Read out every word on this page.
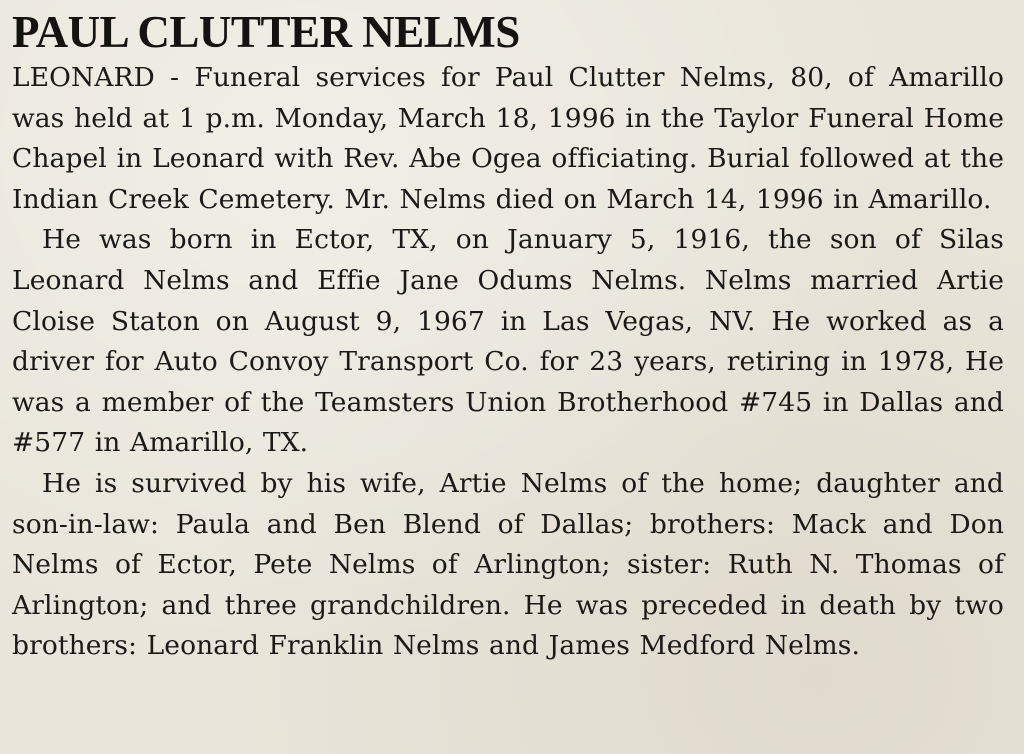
PAUL CLUTTER NELMS

LEONARD - Funeral services for Paul Clutter Nelms, 80, of Amarillo was held at 1 p.m. Monday, March 18, 1996 in the Taylor Funeral Home Chapel in Leonard with Rev. Abe Ogea officiating. Burial followed at the Indian Creek Cemetery. Mr. Nelms died on March 14, 1996 in Amarillo.

He was born in Ector, TX, on January 5, 1916, the son of Silas Leonard Nelms and Effie Jane Odums Nelms. Nelms married Artie Cloise Staton on August 9, 1967 in Las Vegas, NV. He worked as a driver for Auto Convoy Transport Co. for 23 years, retiring in 1978, He was a member of the Teamsters Union Brotherhood #745 in Dallas and #577 in Amarillo, TX.

He is survived by his wife, Artie Nelms of the home; daughter and son-in-law: Paula and Ben Blend of Dallas; brothers: Mack and Don Nelms of Ector, Pete Nelms of Arlington; sister: Ruth N. Thomas of Arlington; and three grandchildren. He was preceded in death by two brothers: Leonard Franklin Nelms and James Medford Nelms.
